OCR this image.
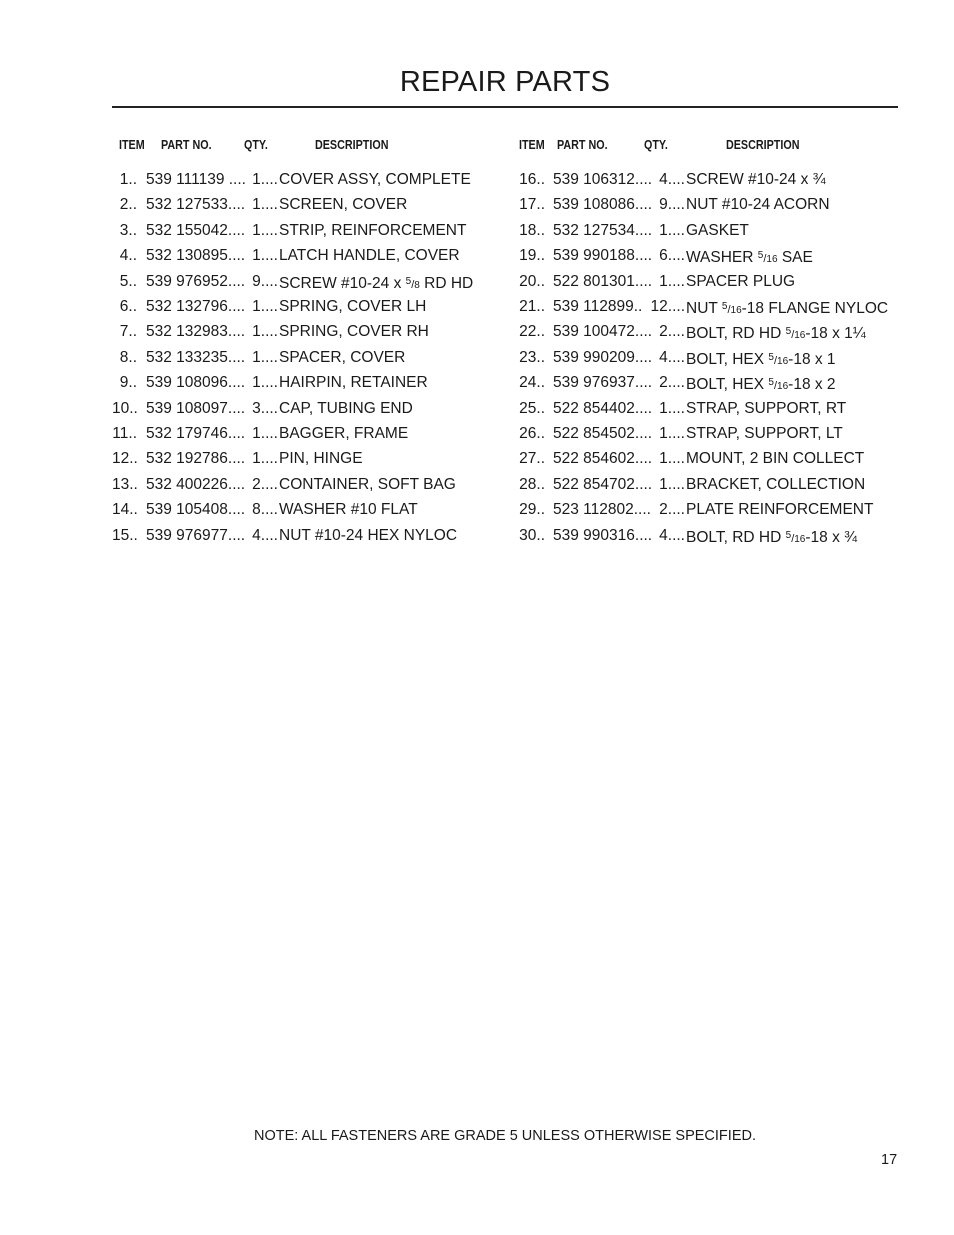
REPAIR PARTS
ITEM PART NO.	QTY.	DESCRIPTION
1.. 539 111139 .... 1.... COVER ASSY, COMPLETE
2.. 532 127533.... 1.... SCREEN, COVER
3.. 532 155042.... 1.... STRIP, REINFORCEMENT
4.. 532 130895.... 1.... LATCH HANDLE, COVER
5.. 539 976952.... 9.... SCREW #10-24 x $^5$/8 RD HD
6.. 532 132796.... 1.... SPRING, COVER LH
7.. 532 132983.... 1.... SPRING, COVER RH
8.. 532 133235.... 1.... SPACER, COVER
9.. 539 108096.... 1.... HAIRPIN, RETAINER
10.. 539 108097.... 3.... CAP, TUBING END
11.. 532 179746.... 1.... BAGGER, FRAME
12.. 532 192786.... 1.... PIN, HINGE
13.. 532 400226.... 2.... CONTAINER, SOFT BAG
14.. 539 105408.... 8.... WASHER #10 FLAT
15.. 539 976977.... 4.... NUT #10-24 HEX NYLOC
ITEM PART NO.	QTY.	DESCRIPTION
16.. 539 106312.... 4.... SCREW #10-24 x ¾
17.. 539 108086.... 9.... NUT #10-24 ACORN
18.. 532 127534.... 1.... GASKET
19.. 539 990188.... 6.... WASHER $^5$/16 SAE
20.. 522 801301.... 1.... SPACER PLUG
21.. 539 112899.. 12.... NUT $^5$/16-18 FLANGE NYLOC
22.. 539 100472.... 2.... BOLT, RD HD $^5$/16-18 x 1¼
23.. 539 990209.... 4.... BOLT, HEX $^5$/16-18 x 1
24.. 539 976937.... 2.... BOLT, HEX $^5$/16-18 x 2
25.. 522 854402.... 1.... STRAP, SUPPORT, RT
26.. 522 854502.... 1.... STRAP, SUPPORT, LT
27.. 522 854602.... 1.... MOUNT, 2 BIN COLLECT
28.. 522 854702.... 1.... BRACKET, COLLECTION
29.. 523 112802.... 2.... PLATE REINFORCEMENT
30.. 539 990316.... 4.... BOLT, RD HD $^5$/16-18 x ¾
NOTE: ALL FASTENERS ARE GRADE 5 UNLESS OTHERWISE SPECIFIED.
17
